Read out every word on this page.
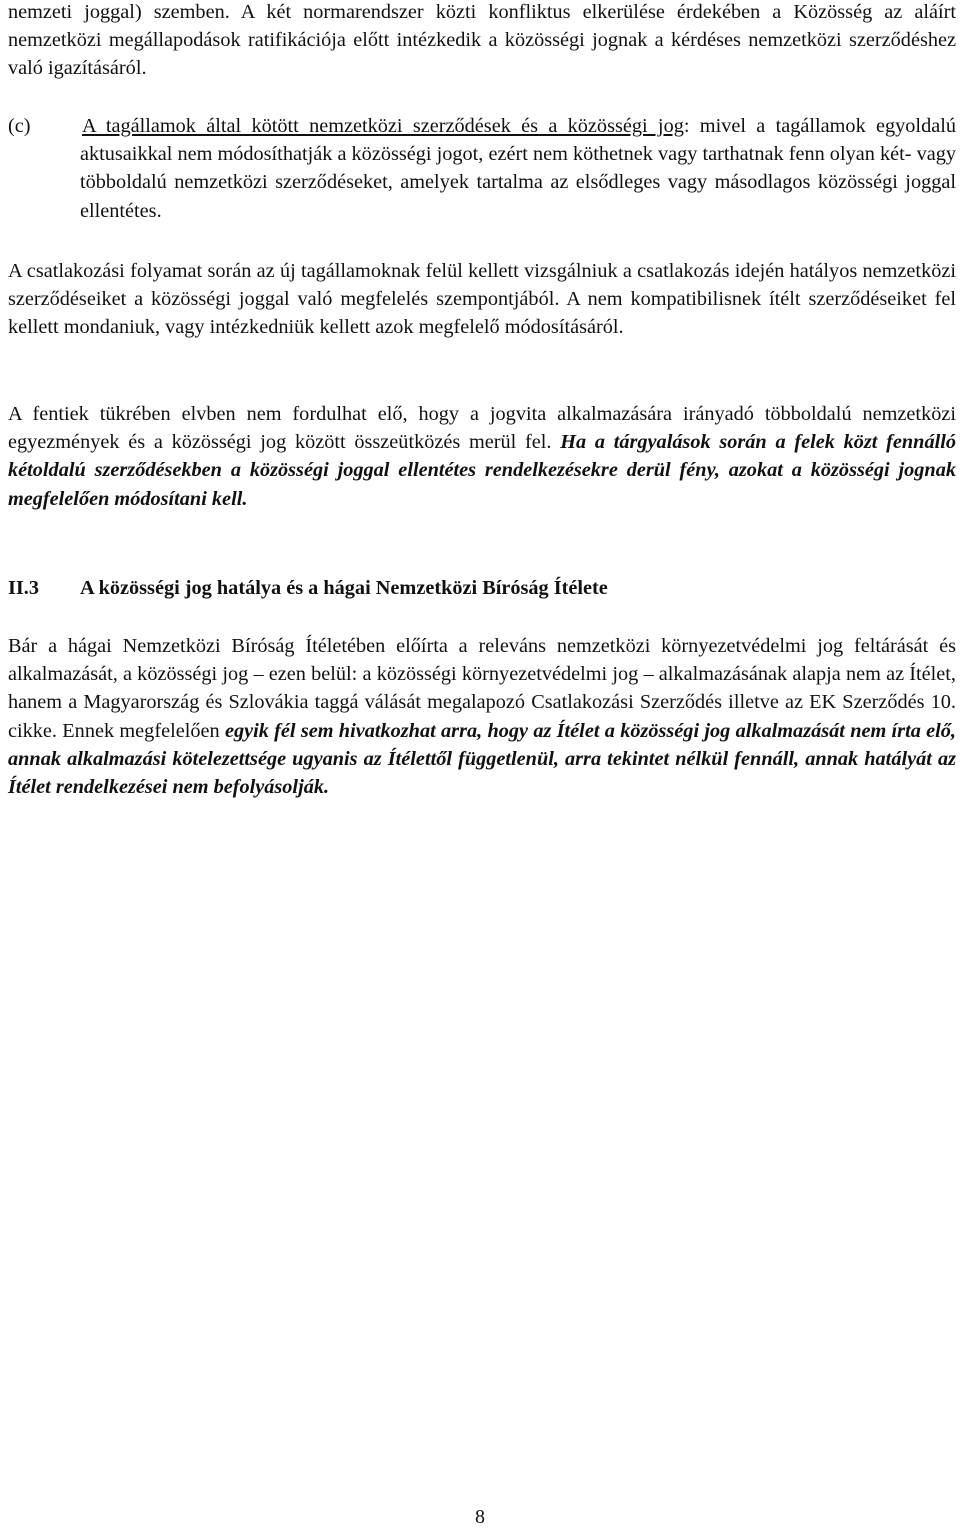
nemzeti joggal) szemben. A két normarendszer közti konfliktus elkerülése érdekében a Közösség az aláírt nemzetközi megállapodások ratifikációja előtt intézkedik a közösségi jognak a kérdéses nemzetközi szerződéshez való igazításáról.

(c)	A tagállamok által kötött nemzetközi szerződések és a közösségi jog: mivel a tagállamok egyoldalú aktusaikkal nem módosíthatják a közösségi jogot, ezért nem köthetnek vagy tarthatnak fenn olyan két- vagy többoldalú nemzetközi szerződéseket, amelyek tartalma az elsődleges vagy másodlagos közösségi joggal ellentétes.

A csatlakozási folyamat során az új tagállamoknak felül kellett vizsgálniuk a csatlakozás idején hatályos nemzetközi szerződéseiket a közösségi joggal való megfelelés szempontjából. A nem kompatibilisnek ítélt szerződéseiket fel kellett mondaniuk, vagy intézkedniük kellett azok megfelelő módosításáról.

A fentiek tükrében elvben nem fordulhat elő, hogy a jogvita alkalmazására irányadó többoldalú nemzetközi egyezmények és a közösségi jog között összeütközés merül fel. Ha a tárgyalások során a felek közt fennálló kétoldalú szerződésekben a közösségi joggal ellentétes rendelkezésekre derül fény, azokat a közösségi jognak megfelelően módosítani kell.

II.3	A közösségi jog hatálya és a hágai Nemzetközi Bíróság Ítélete

Bár a hágai Nemzetközi Bíróság Ítéletében előírta a releváns nemzetközi környezetvédelmi jog feltárását és alkalmazását, a közösségi jog – ezen belül: a közösségi környezetvédelmi jog – alkalmazásának alapja nem az Ítélet, hanem a Magyarország és Szlovákia taggá válását megalapozó Csatlakozási Szerződés illetve az EK Szerződés 10. cikke. Ennek megfelelően egyik fél sem hivatkozhat arra, hogy az Ítélet a közösségi jog alkalmazását nem írta elő, annak alkalmazási kötelezettsége ugyanis az Ítélettől függetlenül, arra tekintet nélkül fennáll, annak hatályát az Ítélet rendelkezései nem befolyásolják.

8
